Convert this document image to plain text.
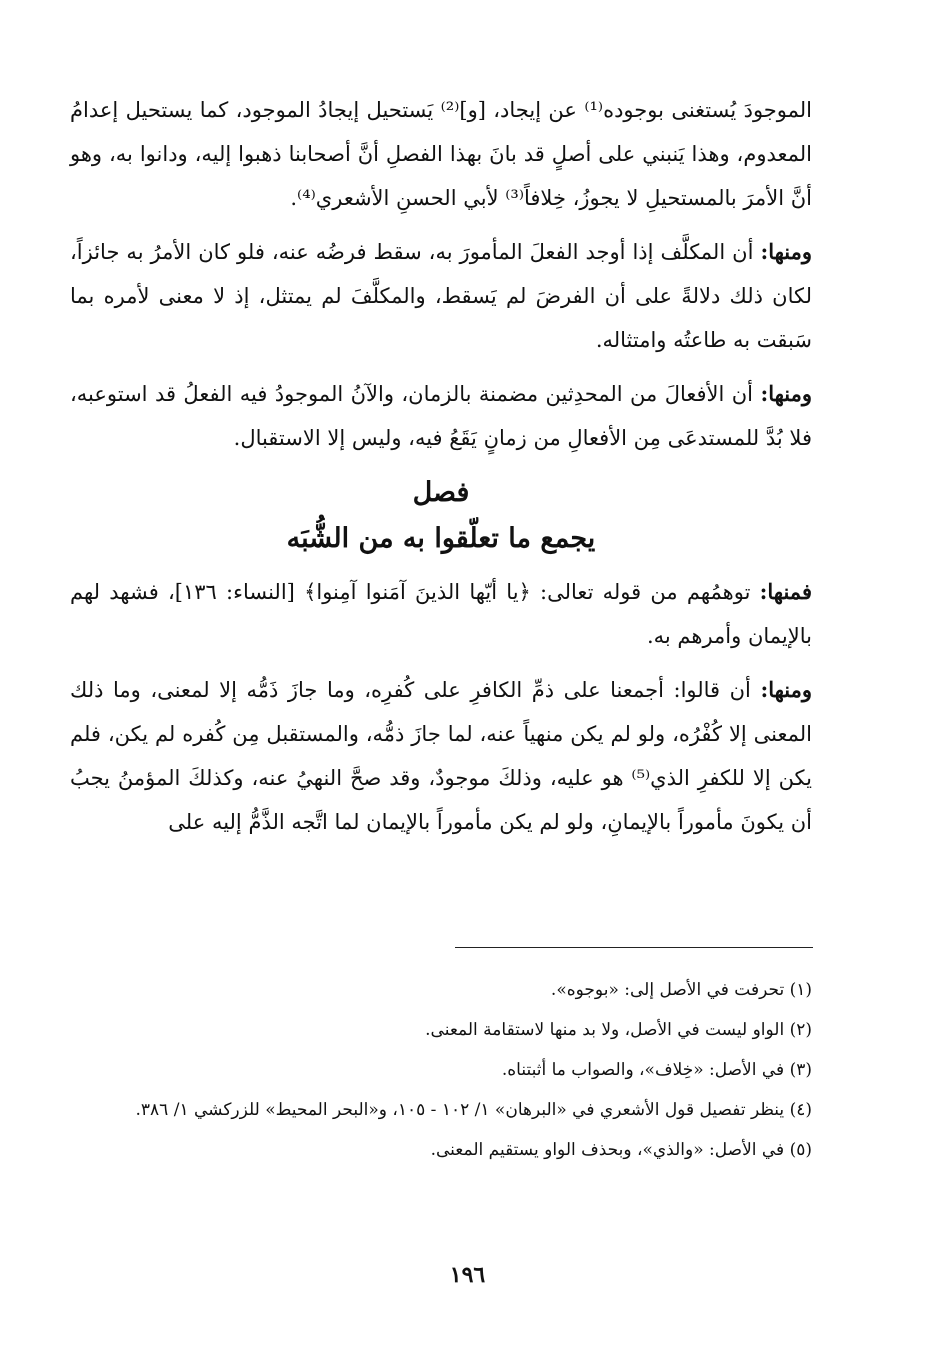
الموجودَ يُستغنى بوجوده⁽¹⁾ عن إيجاد، [و]⁽²⁾ يَستحيل إيجادُ الموجود، كما يستحيل إعدامُ المعدوم، وهذا يَنبني على أصلٍ قد بانَ بهذا الفصلِ أنَّ أصحابنا ذهبوا إليه، ودانوا به، وهو أنَّ الأمرَ بالمستحيلِ لا يجوزُ، خِلافاً⁽³⁾ لأبي الحسنِ الأشعري⁽⁴⁾.

ومنها: أن المكلَّف إذا أوجد الفعلَ المأمورَ به، سقط فرضُه عنه، فلو كان الأمرُ به جائزاً، لكان ذلك دلالةً على أن الفرضَ لم يَسقط، والمكلَّفَ لم يمتثل، إذ لا معنى لأمره بما سَبقت به طاعتُه وامتثاله.

ومنها: أن الأفعالَ من المحدِثين مضمنة بالزمان، والآنُ الموجودُ فيه الفعلُ قد استوعبه، فلا بُدَّ للمستدعَى مِن الأفعالِ من زمانٍ يَقَعُ فيه، وليس إلا الاستقبال.

فصل
يجمع ما تعلّقوا به من الشُّبَه

فمنها: توهمُهم من قوله تعالى: ﴿يا أيّها الذينَ آمَنوا آمِنوا﴾ [النساء: ١٣٦]، فشهد لهم بالإيمان وأمرهم به.

ومنها: أن قالوا: أجمعنا على ذمِّ الكافرِ على كُفرِه، وما جازَ ذَمُّه إلا لمعنى، وما ذلك المعنى إلا كُفْرُه، ولو لم يكن منهياً عنه، لما جازَ ذمُّه، والمستقبل مِن كُفره لم يكن، فلم يكن إلا للكفرِ الذي⁽⁵⁾ هو عليه، وذلكَ موجودٌ، وقد صحَّ النهيُ عنه، وكذلكَ المؤمنُ يجبُ أن يكونَ مأموراً بالإيمانِ، ولو لم يكن مأموراً بالإيمان لما اتَّجه الذَّمُّ إليه على

(١) تحرفت في الأصل إلى: «بوجوه».

(٢) الواو ليست في الأصل، ولا بد منها لاستقامة المعنى.

(٣) في الأصل: «خِلاف»، والصواب ما أثبتناه.

(٤) ينظر تفصيل قول الأشعري في «البرهان» ١/ ١٠٢ - ١٠٥، و«البحر المحيط» للزركشي ١/ ٣٨٦.

(٥) في الأصل: «والذي»، وبحذف الواو يستقيم المعنى.

١٩٦
